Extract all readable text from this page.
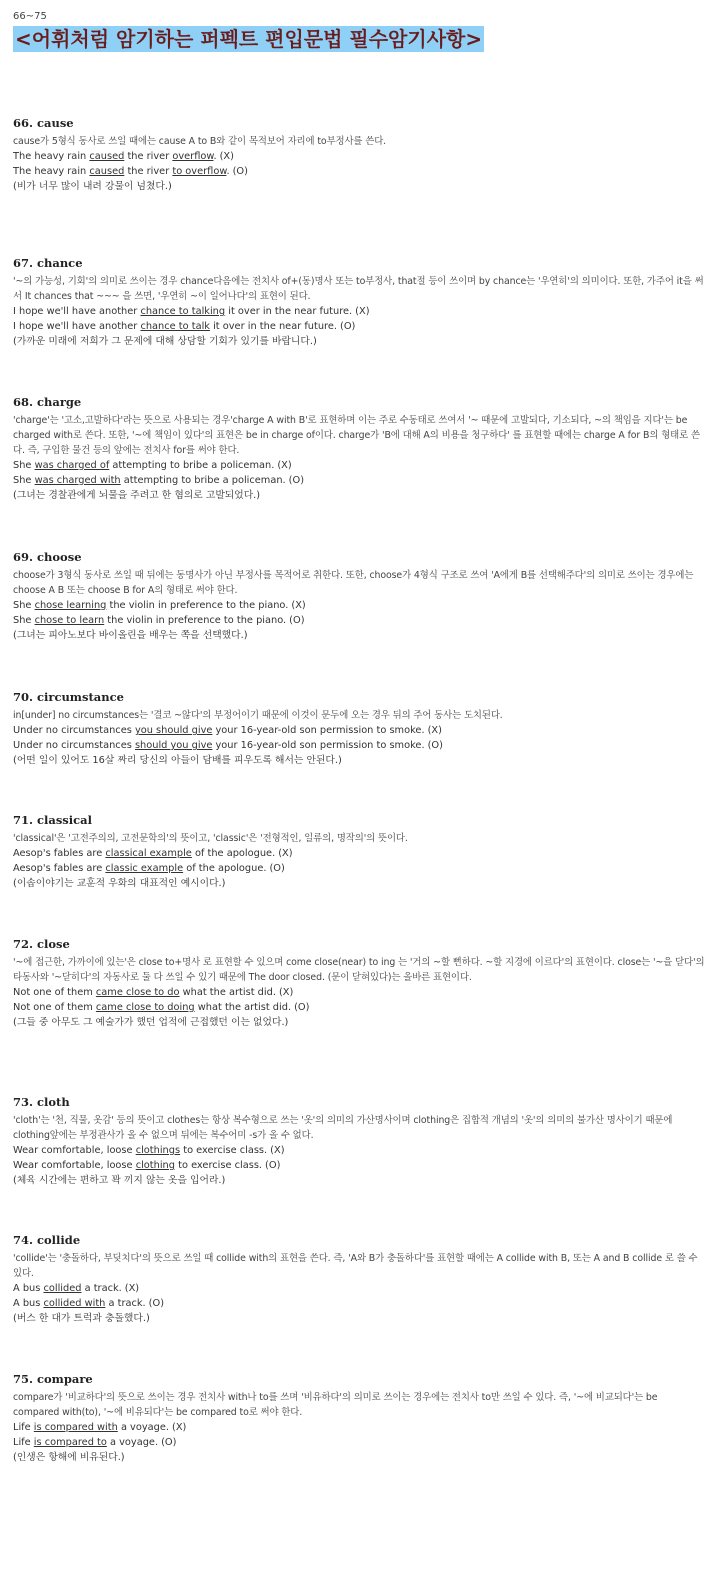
66~75
<어휘처럼 암기하는 퍼펙트 편입문법 필수암기사항>
66. cause

cause가 5형식 동사로 쓰일 때에는 cause A to B와 같이 목적보어 자리에 to부정사를 쓴다.

The heavy rain caused the river overflow. (X)

The heavy rain caused the river to overflow. (O)

(비가 너무 많이 내려 강물이 넘쳤다.)

67. chance

'~의 가능성, 기회'의 의미로 쓰이는 경우 chance다음에는 전치사 of+(동)명사 또는 to부정사, that절 등이 쓰이며 by chance는 '우연히'의 의미이다. 또한, 가주어 it을 써서 It chances that ~~~ 을 쓰면, '우연히 ~이 일어나다'의 표현이 된다.

I hope we'll have another chance to talking it over in the near future. (X)

I hope we'll have another chance to talk it over in the near future. (O)

(가까운 미래에 저희가 그 문제에 대해 상담할 기회가 있기를 바랍니다.)

68. charge

'charge'는 '고소,고발하다'라는 뜻으로 사용되는 경우'charge A with B'로 표현하며 이는 주로 수동태로 쓰여서 '~ 때문에 고발되다, 기소되다, ~의 책임을 지다'는 be charged with로 쓴다. 또한, '~에 책임이 있다'의 표현은 be in charge of이다. charge가 'B에 대해 A의 비용을 청구하다' 를 표현할 때에는 charge A for B의 형태로 쓴다. 즉, 구입한 물건 등의 앞에는 전치사 for를 써야 한다.

She was charged of attempting to bribe a policeman. (X)

She was charged with attempting to bribe a policeman. (O)

(그녀는 경찰관에게 뇌물을 주려고 한 혐의로 고발되었다.)

69. choose

choose가 3형식 동사로 쓰일 때 뒤에는 동명사가 아닌 부정사를 목적어로 취한다. 또한, choose가 4형식 구조로 쓰여 'A에게 B를 선택해주다'의 의미로 쓰이는 경우에는 choose A B 또는 choose B for A의 형태로 써야 한다.

She chose learning the violin in preference to the piano. (X)

She chose to learn the violin in preference to the piano. (O)

(그녀는 피아노보다 바이올린을 배우는 쪽을 선택했다.)

70. circumstance

in[under] no circumstances는 '결코 ~않다'의 부정어이기 때문에 이것이 문두에 오는 경우 뒤의 주어 동사는 도치된다.

Under no circumstances you should give your 16-year-old son permission to smoke. (X)

Under no circumstances should you give your 16-year-old son permission to smoke. (O)

(어떤 일이 있어도 16살 짜리 당신의 아들이 담배를 피우도록 해서는 안된다.)

71. classical

'classical'은 '고전주의의, 고전문학의'의 뜻이고, 'classic'은 '전형적인, 일류의, 명작의'의 뜻이다.

Aesop's fables are classical example of the apologue. (X)

Aesop's fables are classic example of the apologue. (O)

(이솝이야기는 교훈적 우화의 대표적인 예시이다.)

72. close

'~에 접근한, 가까이에 있는'은 close to+명사 로 표현할 수 있으며 come close(near) to ing 는 '거의 ~할 뻔하다. ~할 지경에 이르다'의 표현이다. close는 '~을 닫다'의 타동사와 '~닫히다'의 자동사로 둘 다 쓰일 수 있기 때문에 The door closed. (문이 닫혀있다)는 올바른 표현이다.

Not one of them came close to do what the artist did. (X)

Not one of them came close to doing what the artist did. (O)

(그들 중 아무도 그 예술가가 했던 업적에 근접했던 이는 없었다.)

73. cloth

'cloth'는 '천, 직물, 옷감' 등의 뜻이고 clothes는 항상 복수형으로 쓰는 '옷'의 의미의 가산명사이며 clothing은 집합적 개념의 '옷'의 의미의 불가산 명사이기 때문에 clothing앞에는 부정관사가 올 수 없으며 뒤에는 복수어미 -s가 올 수 없다.

Wear comfortable, loose clothings to exercise class. (X)

Wear comfortable, loose clothing to exercise class. (O)

(체육 시간에는 편하고 꽉 끼지 않는 옷을 입어라.)

74. collide

'collide'는 '충돌하다, 부딪치다'의 뜻으로 쓰일 때 collide with의 표현을 쓴다. 즉, 'A와 B가 충돌하다'를 표현할 때에는 A collide with B, 또는 A and B collide 로 쓸 수 있다.

A bus collided a track. (X)

A bus collided with a track. (O)

(버스 한 대가 트럭과 충돌했다.)

75. compare

compare가 '비교하다'의 뜻으로 쓰이는 경우 전치사 with나 to를 쓰며 '비유하다'의 의미로 쓰이는 경우에는 전치사 to만 쓰일 수 있다. 즉, '~에 비교되다'는 be compared with(to), '~에 비유되다'는 be compared to로 써야 한다.

Life is compared with a voyage. (X)

Life is compared to a voyage. (O)

(인생은 항해에 비유된다.)
